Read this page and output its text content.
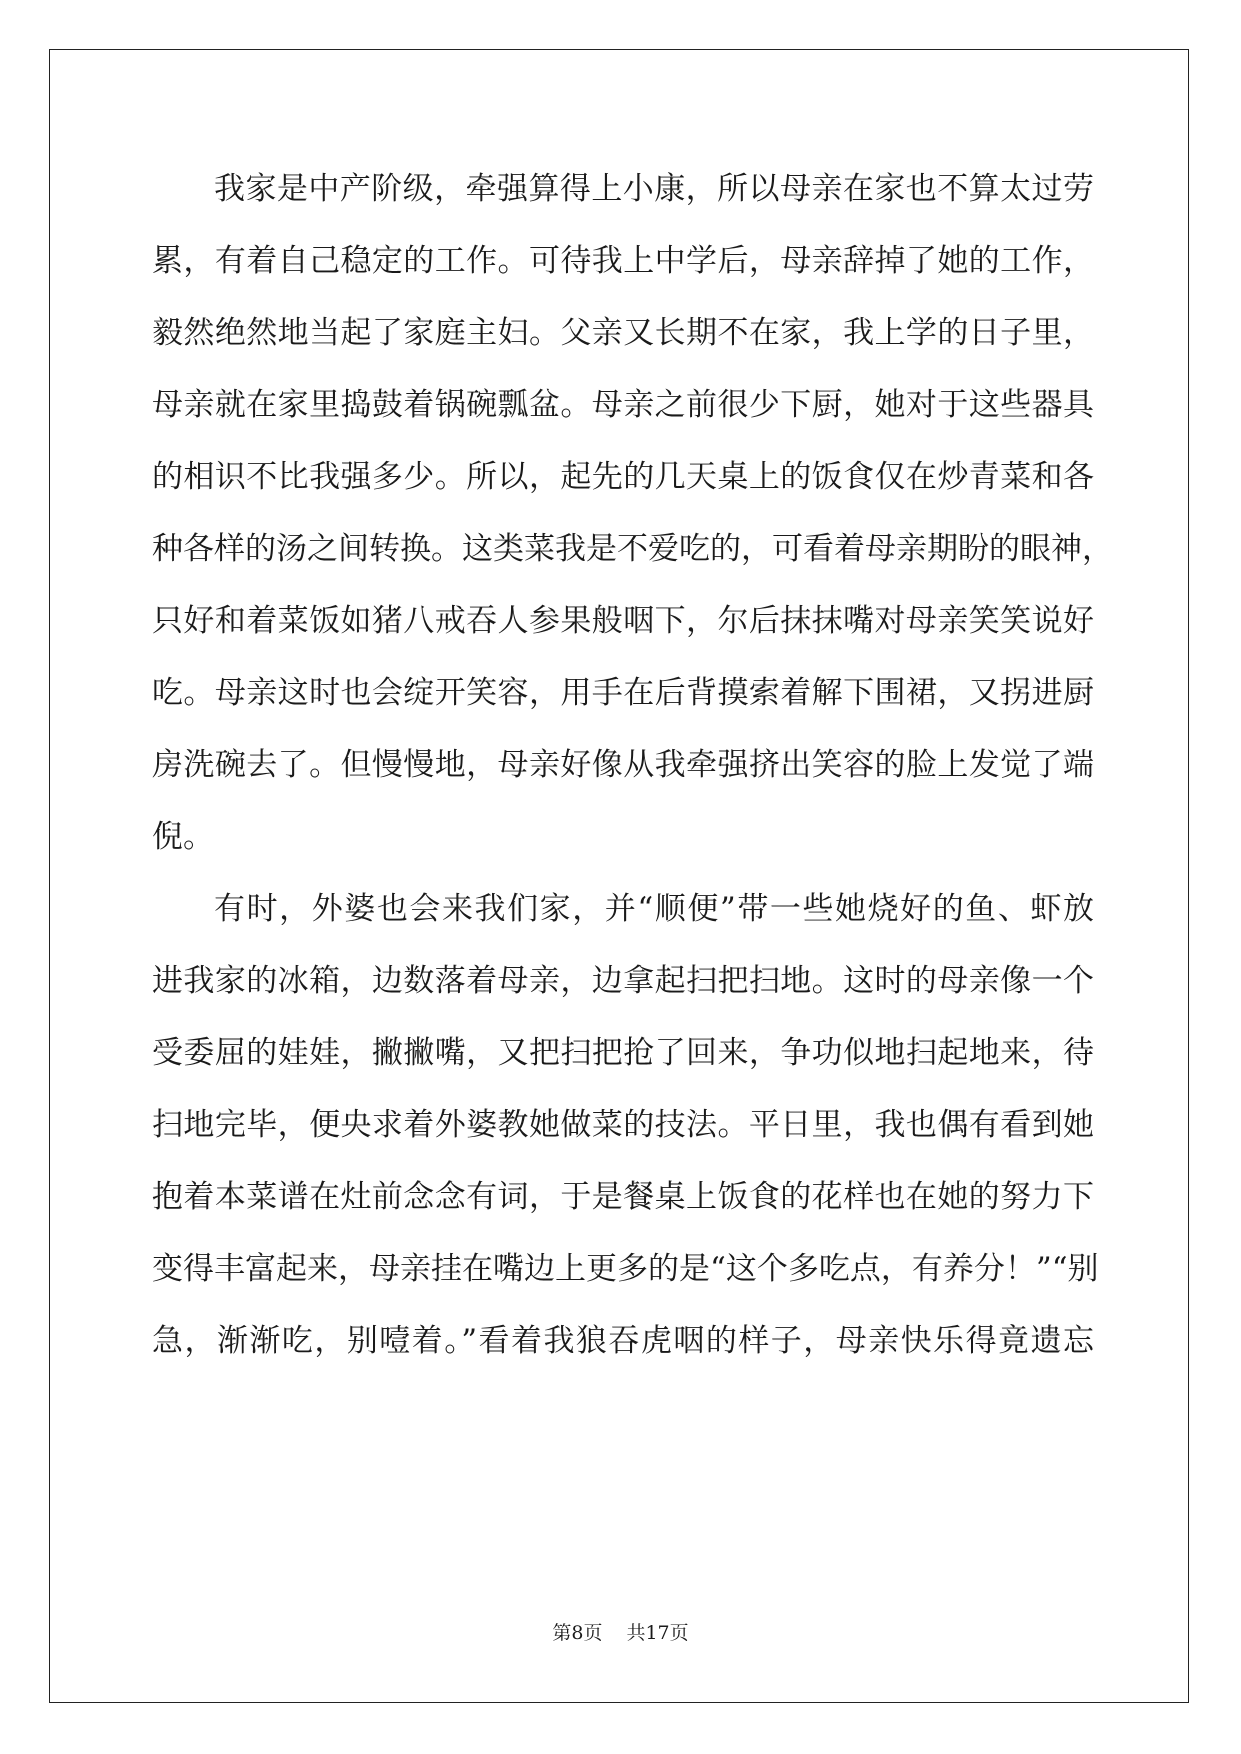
我家是中产阶级，牵强算得上小康，所以母亲在家也不算太过劳
累，有着自己稳定的工作。可待我上中学后，母亲辞掉了她的工作，
毅然绝然地当起了家庭主妇。父亲又长期不在家，我上学的日子里，
母亲就在家里捣鼓着锅碗瓢盆。母亲之前很少下厨，她对于这些器具
的相识不比我强多少。所以，起先的几天桌上的饭食仅在炒青菜和各
种各样的汤之间转换。这类菜我是不爱吃的，可看着母亲期盼的眼神，
只好和着菜饭如猪八戒吞人参果般咽下，尔后抹抹嘴对母亲笑笑说好
吃。母亲这时也会绽开笑容，用手在后背摸索着解下围裙，又拐进厨
房洗碗去了。但慢慢地，母亲好像从我牵强挤出笑容的脸上发觉了端
倪。
有时，外婆也会来我们家，并“顺便”带一些她烧好的鱼、虾放
进我家的冰箱，边数落着母亲，边拿起扫把扫地。这时的母亲像一个
受委屈的娃娃，撇撇嘴，又把扫把抢了回来，争功似地扫起地来，待
扫地完毕，便央求着外婆教她做菜的技法。平日里，我也偶有看到她
抱着本菜谱在灶前念念有词，于是餐桌上饭食的花样也在她的努力下
变得丰富起来，母亲挂在嘴边上更多的是“这个多吃点，有养分！”“别
急，渐渐吃，别噎着。”看着我狼吞虎咽的样子，母亲快乐得竟遗忘
第8页 共17页
